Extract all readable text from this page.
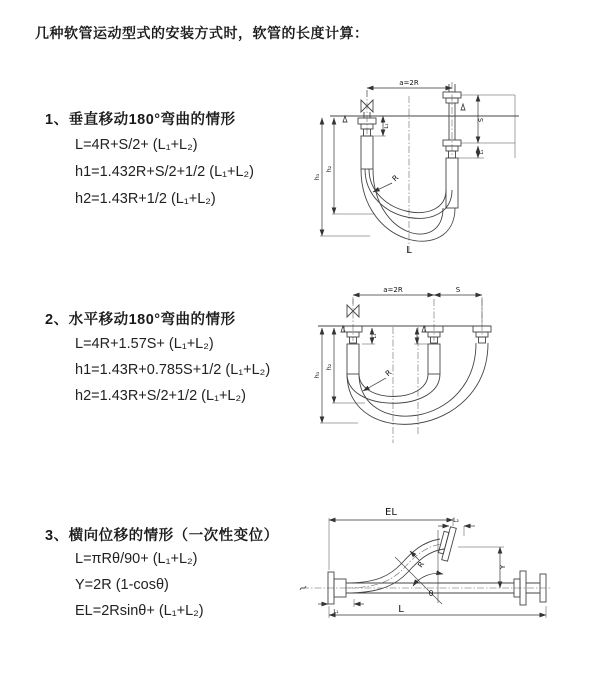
几种软管运动型式的安装方式时，软管的长度计算：
1、垂直移动180°弯曲的情形
L=4R+S/2+ (L₁+L₂)
h1=1.432R+S/2+1/2 (L₁+L₂)
h2=1.43R+1/2 (L₁+L₂)
2、水平移动180°弯曲的情形
L=4R+1.57S+ (L₁+L₂)
h1=1.43R+0.785S+1/2 (L₁+L₂)
h2=1.43R+S/2+1/2 (L₁+L₂)
3、横向位移的情形（一次性变位）
L=πRθ/90+ (L₁+L₂)
Y=2R (1-cosθ)
EL=2Rsinθ+ (L₁+L₂)
a=2R
h₁
h₂
L₁
S
L₁
R
L
a=2R	S
h₁
h₂
L₁
R
EL
L₂
Y
θ
R
L
L₁
